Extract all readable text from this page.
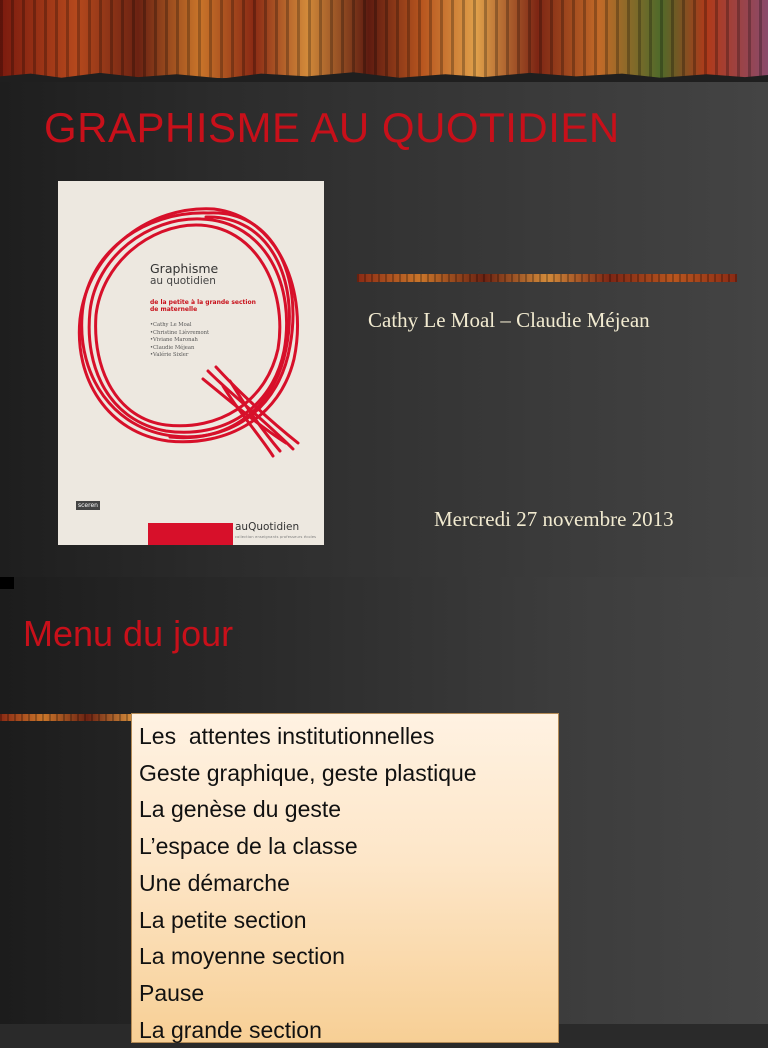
GRAPHISME AU QUOTIDIEN
Graphisme
au quotidien
de la petite à la grande section de maternelle
•Cathy Le Moal
•Christine Lièvremont
•Viviane Maronah
•Claudie Méjean
•Valérie Sixler
sceren
auQuotidien
collection enseignants professeurs écoles
Cathy Le Moal – Claudie Méjean
Mercredi 27 novembre 2013
Menu du jour
Les  attentes institutionnelles
Geste graphique, geste plastique
La genèse du geste
L’espace de la classe
Une démarche
La petite section
La moyenne section
Pause
La grande section
